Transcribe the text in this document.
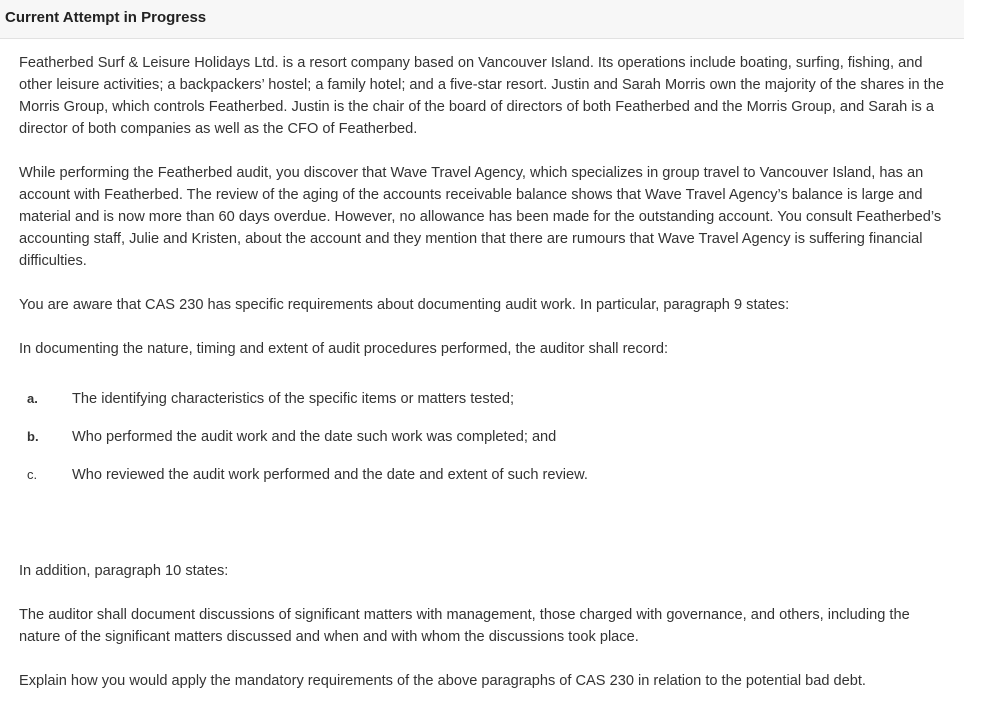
Current Attempt in Progress

Featherbed Surf & Leisure Holidays Ltd. is a resort company based on Vancouver Island. Its operations include boating, surfing, fishing, and other leisure activities; a backpackers’ hostel; a family hotel; and a five-star resort. Justin and Sarah Morris own the majority of the shares in the Morris Group, which controls Featherbed. Justin is the chair of the board of directors of both Featherbed and the Morris Group, and Sarah is a director of both companies as well as the CFO of Featherbed.

While performing the Featherbed audit, you discover that Wave Travel Agency, which specializes in group travel to Vancouver Island, has an account with Featherbed. The review of the aging of the accounts receivable balance shows that Wave Travel Agency’s balance is large and material and is now more than 60 days overdue. However, no allowance has been made for the outstanding account. You consult Featherbed’s accounting staff, Julie and Kristen, about the account and they mention that there are rumours that Wave Travel Agency is suffering financial difficulties.

You are aware that CAS 230 has specific requirements about documenting audit work. In particular, paragraph 9 states:

In documenting the nature, timing and extent of audit procedures performed, the auditor shall record:

a.	The identifying characteristics of the specific items or matters tested;
b.	Who performed the audit work and the date such work was completed; and
c.	Who reviewed the audit work performed and the date and extent of such review.

In addition, paragraph 10 states:

The auditor shall document discussions of significant matters with management, those charged with governance, and others, including the nature of the significant matters discussed and when and with whom the discussions took place.

Explain how you would apply the mandatory requirements of the above paragraphs of CAS 230 in relation to the potential bad debt.
